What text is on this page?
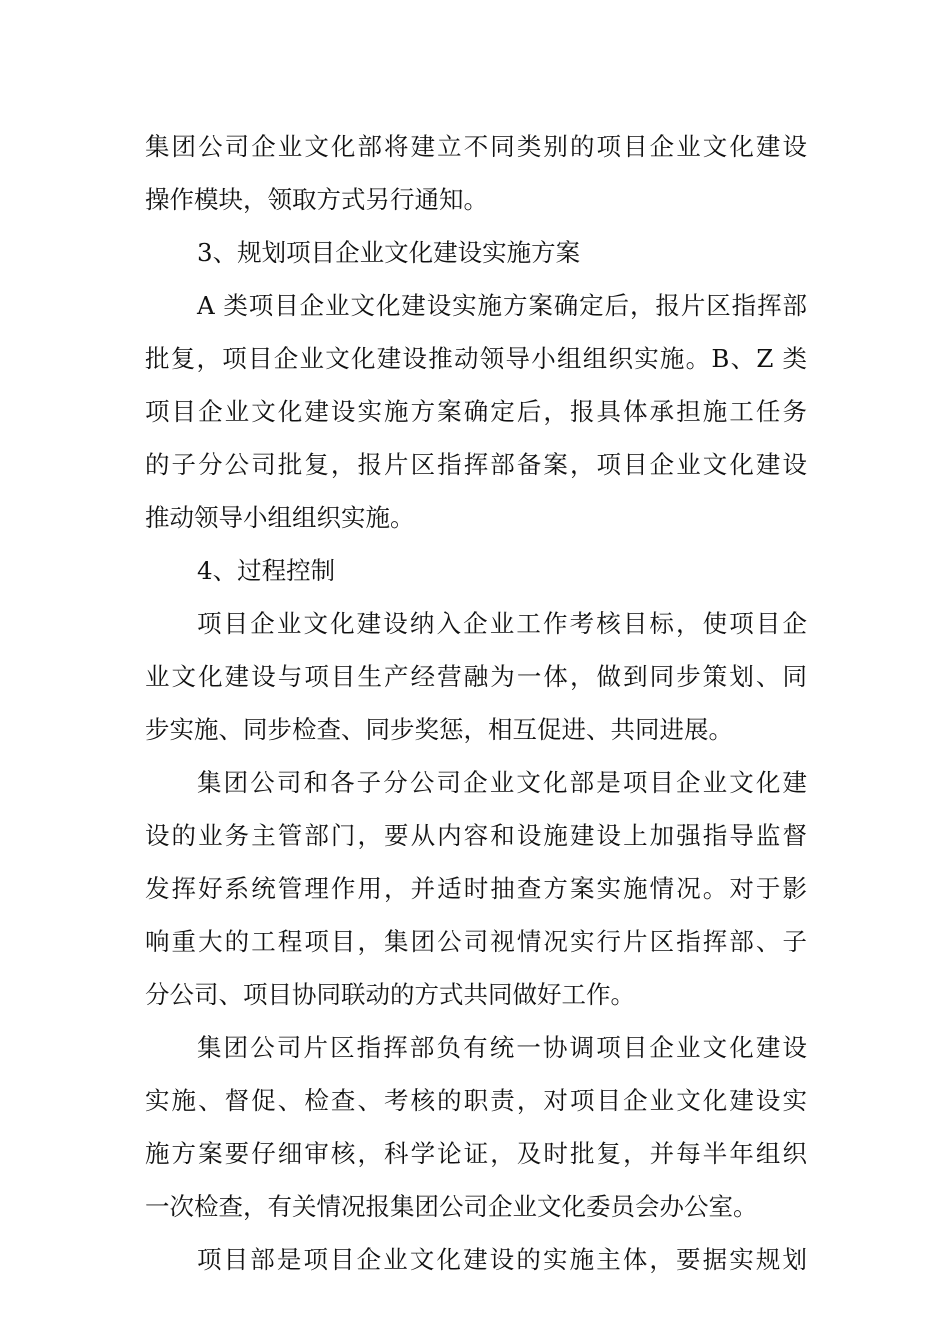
集团公司企业文化部将建立不同类别的项目企业文化建设
操作模块，领取方式另行通知。
3、规划项目企业文化建设实施方案
A 类项目企业文化建设实施方案确定后，报片区指挥部
批复，项目企业文化建设推动领导小组组织实施。B、Z 类
项目企业文化建设实施方案确定后，报具体承担施工任务
的子分公司批复，报片区指挥部备案，项目企业文化建设
推动领导小组组织实施。
4、过程控制
项目企业文化建设纳入企业工作考核目标，使项目企
业文化建设与项目生产经营融为一体，做到同步策划、同
步实施、同步检查、同步奖惩，相互促进、共同进展。
集团公司和各子分公司企业文化部是项目企业文化建
设的业务主管部门，要从内容和设施建设上加强指导监督
发挥好系统管理作用，并适时抽查方案实施情况。对于影
响重大的工程项目，集团公司视情况实行片区指挥部、子
分公司、项目协同联动的方式共同做好工作。
集团公司片区指挥部负有统一协调项目企业文化建设
实施、督促、检查、考核的职责，对项目企业文化建设实
施方案要仔细审核，科学论证，及时批复，并每半年组织
一次检查，有关情况报集团公司企业文化委员会办公室。
项目部是项目企业文化建设的实施主体，要据实规划
